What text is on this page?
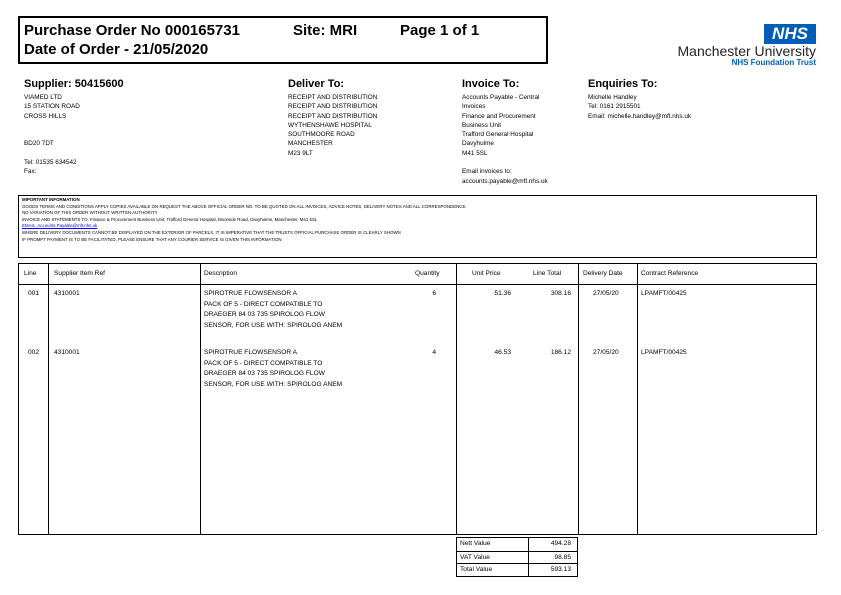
Purchase Order No 000165731	Site: MRI	Page 1 of 1
Date of Order - 21/05/2020
NHS
Manchester University
NHS Foundation Trust
Supplier: 50415600
VIAMED LTD
15 STATION ROAD
CROSS HILLS

BD20 7DT

Tel: 01535 634542
Fax:
Deliver To:
RECEIPT AND DISTRIBUTION
RECEIPT AND DISTRIBUTION
RECEIPT AND DISTRIBUTION
WYTHENSHAWE HOSPITAL
SOUTHMOORE ROAD
MANCHESTER
M23 9LT
Invoice To:
Accounts Payable - Central
Invoices
Finance and Procurement
Business Unit
Trafford General Hospital
Davyhulme
M41 5SL

Email invoices to:
accounts.payable@mft.nhs.uk
Enquiries To:
Michelle Handley
Tel: 0161 2915501
Email: michelle.handley@mft.nhs.uk
IMPORTANT INFORMATION
GOODS TERMS AND CONDITIONS APPLY COPIES AVAILABLE ON REQUEST THE ABOVE OFFICIAL ORDER NO. TO BE QUOTED ON ALL INVOICES, ADVICE NOTES, DELIVERY NOTES AND ALL CORRESPONDENCE.
NO VARIATION OF THIS ORDER WITHOUT WRITTEN AUTHORITY
INVOICE AND STATEMENTS TO: Finance & Procurement Business Unit, Trafford General Hospital, Moorside Road, Davyhulme, Manchester, M41 5SL
EMAIL: Accounts.Payable@mft.nhs.uk
WHERE DELIVERY DOCUMENTS CANNOT BE DISPLAYED ON THE EXTERIOR OF PARCELS, IT IS IMPERATIVE THAT THE TRUSTS OFFICIAL PURCHASE ORDER IS CLEARLY SHOWN
IF PROMPT PAYMENT IS TO BE FACILITATED, PLEASE ENSURE THAT ANY COURIER SERVICE IS GIVEN THIS INFORMATION
Line	Supplier Item Ref	Description	Quantity	Unit Price	Line Total	Delivery Date	Contract Reference
001 4310001	SPIROTRUE FLOWSENSOR A
PACK OF 5 - DIRECT COMPATIBLE TO
DRAEGER 84 03 735 SPIROLOG FLOW
SENSOR, FOR USE WITH: SPIROLOG ANEM
6	51.36	308.16	27/05/20	LPAMFT/00425
002 4310001	SPIROTRUE FLOWSENSOR A
PACK OF 5 - DIRECT COMPATIBLE TO
DRAEGER 84 03 735 SPIROLOG FLOW
SENSOR, FOR USE WITH: SPIROLOG ANEM
4	46.53	186.12	27/05/20	LPAMFT/00425
Nett Value	494.28
VAT Value	98.85
Total Value	593.13
